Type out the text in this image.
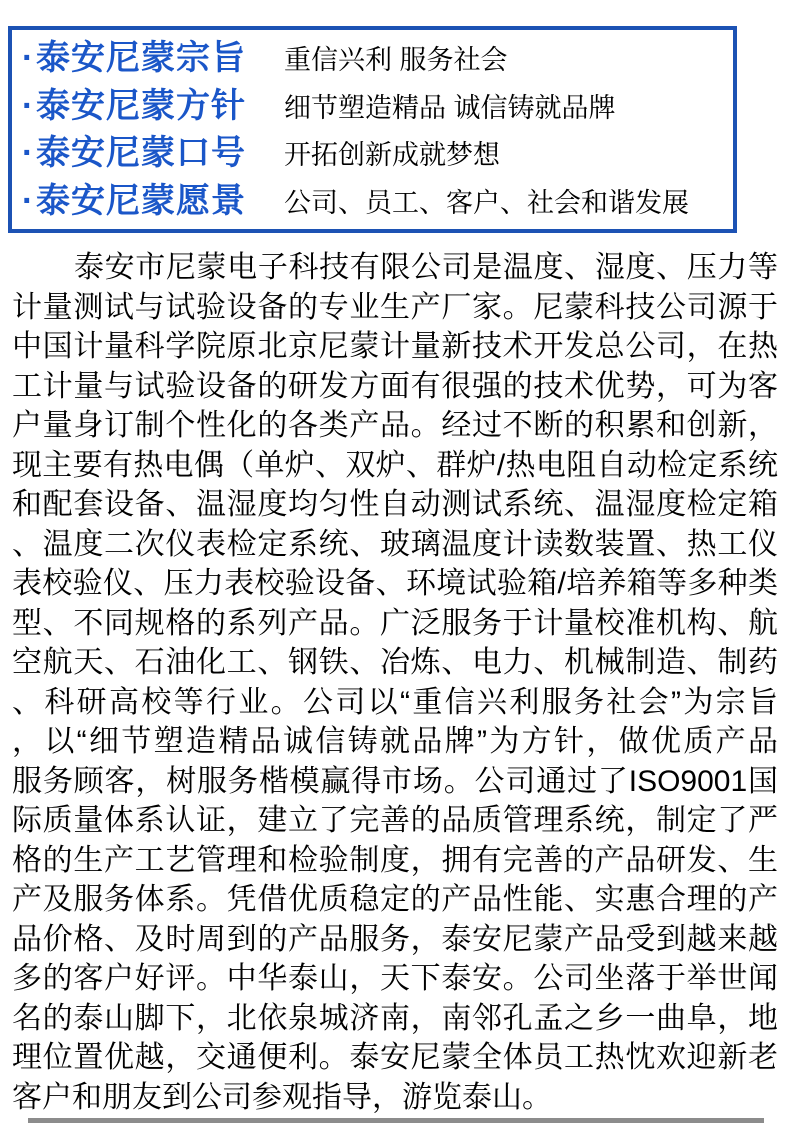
· 泰安尼蒙宗旨	重信兴利 服务社会
· 泰安尼蒙方针	细节塑造精品 诚信铸就品牌
· 泰安尼蒙口号	开拓创新成就梦想
· 泰安尼蒙愿景	公司、员工、客户、社会和谐发展
泰安市尼蒙电子科技有限公司是温度、湿度、压力等
计量测试与试验设备的专业生产厂家。尼蒙科技公司源于
中国计量科学院原北京尼蒙计量新技术开发总公司，在热
工计量与试验设备的研发方面有很强的技术优势，可为客
户量身订制个性化的各类产品。经过不断的积累和创新，
现主要有热电偶（单炉、双炉、群炉/热电阻自动检定系统
和配套设备、温湿度均匀性自动测试系统、温湿度检定箱
、温度二次仪表检定系统、玻璃温度计读数装置、热工仪
表校验仪、压力表校验设备、环境试验箱/培养箱等多种类
型、不同规格的系列产品。广泛服务于计量校准机构、航
空航天、石油化工、钢铁、冶炼、电力、机械制造、制药
、科研高校等行业。公司以“重信兴利服务社会”为宗旨
，以“细节塑造精品诚信铸就品牌”为方针，做优质产品
服务顾客，树服务楷模赢得市场。公司通过了ISO9001国
际质量体系认证，建立了完善的品质管理系统，制定了严
格的生产工艺管理和检验制度，拥有完善的产品研发、生
产及服务体系。凭借优质稳定的产品性能、实惠合理的产
品价格、及时周到的产品服务，泰安尼蒙产品受到越来越
多的客户好评。中华泰山，天下泰安。公司坐落于举世闻
名的泰山脚下，北依泉城济南，南邻孔孟之乡一曲阜，地
理位置优越，交通便利。泰安尼蒙全体员工热忱欢迎新老
客户和朋友到公司参观指导，游览泰山。
